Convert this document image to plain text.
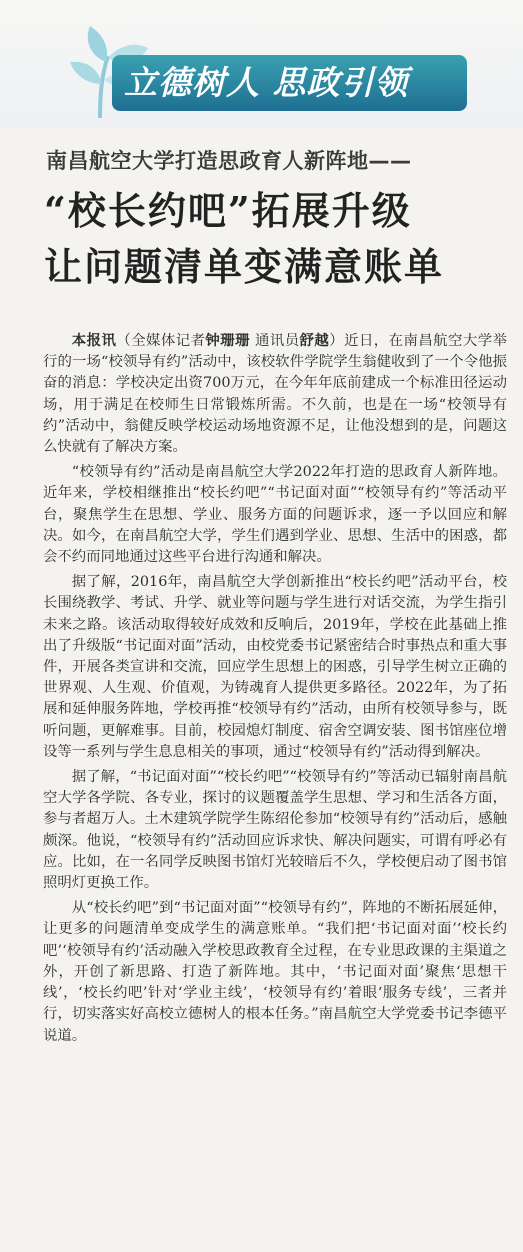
立德树人 思政引领
南昌航空大学打造思政育人新阵地——
“校长约吧”拓展升级
让问题清单变满意账单

本报讯（全媒体记者钟珊珊 通讯员舒越）近日，在南昌航空大学举行的一场“校领导有约”活动中，该校软件学院学生翁健收到了一个令他振奋的消息：学校决定出资700万元，在今年年底前建成一个标准田径运动场，用于满足在校师生日常锻炼所需。不久前，也是在一场“校领导有约”活动中，翁健反映学校运动场地资源不足，让他没想到的是，问题这么快就有了解决方案。

“校领导有约”活动是南昌航空大学2022年打造的思政育人新阵地。近年来，学校相继推出“校长约吧”“书记面对面”“校领导有约”等活动平台，聚焦学生在思想、学业、服务方面的问题诉求，逐一予以回应和解决。如今，在南昌航空大学，学生们遇到学业、思想、生活中的困惑，都会不约而同地通过这些平台进行沟通和解决。

据了解，2016年，南昌航空大学创新推出“校长约吧”活动平台，校长围绕教学、考试、升学、就业等问题与学生进行对话交流，为学生指引未来之路。该活动取得较好成效和反响后，2019年，学校在此基础上推出了升级版“书记面对面”活动，由校党委书记紧密结合时事热点和重大事件，开展各类宣讲和交流，回应学生思想上的困惑，引导学生树立正确的世界观、人生观、价值观，为铸魂育人提供更多路径。2022年，为了拓展和延伸服务阵地，学校再推“校领导有约”活动，由所有校领导参与，既听问题，更解难事。目前，校园熄灯制度、宿舍空调安装、图书馆座位增设等一系列与学生息息相关的事项，通过“校领导有约”活动得到解决。

据了解，“书记面对面”“校长约吧”“校领导有约”等活动已辐射南昌航空大学各学院、各专业，探讨的议题覆盖学生思想、学习和生活各方面，参与者超万人。土木建筑学院学生陈绍伦参加“校领导有约”活动后，感触颇深。他说，“校领导有约”活动回应诉求快、解决问题实，可谓有呼必有应。比如，在一名同学反映图书馆灯光较暗后不久，学校便启动了图书馆照明灯更换工作。

从“校长约吧”到“书记面对面”“校领导有约”，阵地的不断拓展延伸，让更多的问题清单变成学生的满意账单。“我们把‘书记面对面’‘校长约吧’‘校领导有约’活动融入学校思政教育全过程，在专业思政课的主渠道之外，开创了新思路、打造了新阵地。其中，‘书记面对面’聚焦‘思想干线’，‘校长约吧’针对‘学业主线’，‘校领导有约’着眼‘服务专线’，三者并行，切实落实好高校立德树人的根本任务。”南昌航空大学党委书记李德平说道。
